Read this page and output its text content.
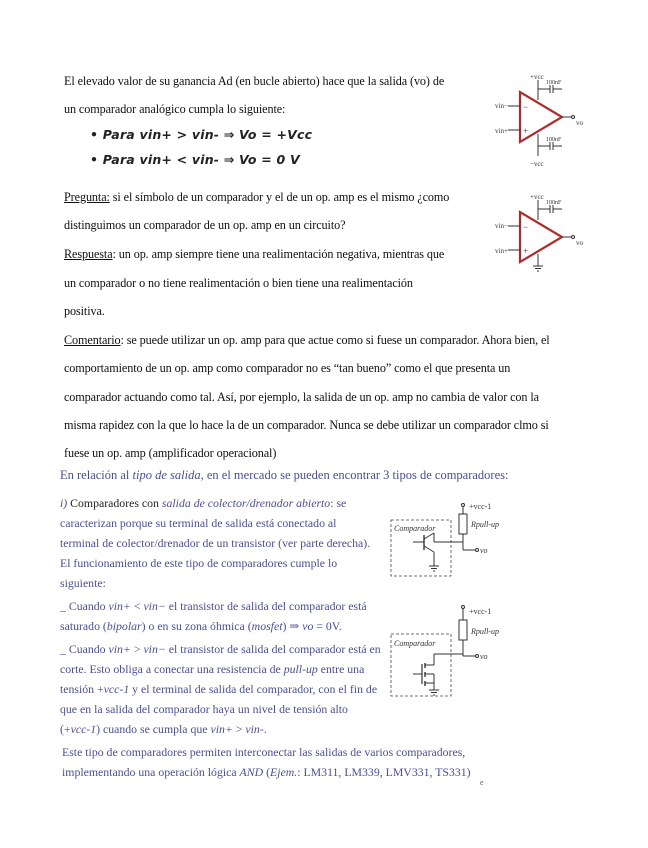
El elevado valor de su ganancia Ad (en bucle abierto) hace que la salida (vo) de
un comparador analógico cumpla lo siguiente:
• Para vin+ > vin- ⇒ Vo = +Vcc
• Para vin+ < vin- ⇒ Vo = 0 V
Pregunta: si el símbolo de un comparador y el de un op. amp es el mismo ¿como
distinguimos un comparador de un op. amp en un circuito?
Respuesta: un op. amp siempre tiene una realimentación negativa, mientras que
un comparador o no tiene realimentación o bien tiene una realimentación
positiva.
Comentario: se puede utilizar un op. amp para que actue como si fuese un comparador. Ahora bien, el
comportamiento de un op. amp como comparador no es “tan bueno” como el que presenta un
comparador actuando como tal. Así, por ejemplo, la salida de un op. amp no cambia de valor con la
misma rapidez con la que lo hace la de un comparador. Nunca se debe utilizar un comparador clmo si
fuese un op. amp (amplificador operacional)
+vcc
100nF
vin−
vin+
−
+
vo
100nF
−vcc
+vcc
100nF
vin−
vin+
−
+
vo
En relación al tipo de salida, en el mercado se pueden encontrar 3 tipos de comparadores:
i) Comparadores con salida de colector/drenador abierto: se
caracterizan porque su terminal de salida está conectado al
terminal de colector/drenador de un transistor (ver parte derecha).
El funcionamiento de este tipo de comparadores cumple lo
siguiente:
_ Cuando vin+ < vin− el transistor de salida del comparador está
saturado (bipolar) o en su zona óhmica (mosfet) ⇒ vo = 0V.
_ Cuando vin+ > vin− el transistor de salida del comparador está en
corte. Esto obliga a conectar una resistencia de pull-up entre una
tensión +vcc-1 y el terminal de salida del comparador, con el fin de
que en la salida del comparador haya un nivel de tensión alto
(+vcc-1) cuando se cumpla que vin+ > vin-.
Este tipo de comparadores permiten interconectar las salidas de varios comparadores,
implementando una operación lógica AND (Ejem.: LM311, LM339, LMV331, TS331)
e
Comparador
+vcc-1
Rpull-up
vo
Comparador
+vcc-1
Rpull-up
vo
